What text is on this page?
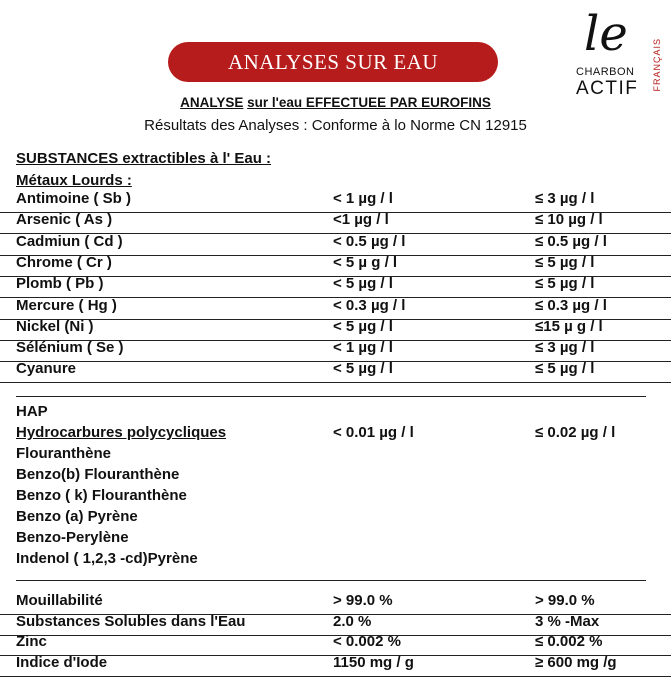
ANALYSES SUR EAU	le
CHARBON
ACTIF FRANÇAIS
ANALYSE sur l'eau EFFECTUEE PAR EUROFINS
Résultats des Analyses : Conforme à lo Norme CN 12915
SUBSTANCES extractibles à l' Eau :
Métaux Lourds :
Antimoine ( Sb )	< 1 µg / l	≤ 3 µg / l
Arsenic ( As )	<1 µg / l	≤ 10 µg / l
Cadmiun ( Cd )	< 0.5 µg / l	≤ 0.5 µg / l
Chrome ( Cr )	< 5 µ g / l	≤ 5 µg / l
Plomb ( Pb )	< 5 µg / l	≤ 5 µg / l
Mercure ( Hg )	< 0.3 µg / l	≤ 0.3 µg / l
Nickel (Ni )	< 5 µg / l	≤15 µ g / l
Sélénium ( Se )	< 1 µg / l	≤ 3 µg / l
Cyanure	< 5 µg / l	≤ 5 µg / l
HAP
Hydrocarbures polycycliques	< 0.01 µg / l	≤ 0.02 µg / l
Flouranthène
Benzo(b) Flouranthène
Benzo ( k) Flouranthène
Benzo (a) Pyrène
Benzo-Perylène
Indenol ( 1,2,3 -cd)Pyrène
Mouillabilité	> 99.0 %	> 99.0 %
Substances Solubles dans l'Eau	2.0 %	3 % -Max
Zinc	< 0.002 %	≤ 0.002 %
Indice d'Iode	1150 mg / g	≥ 600 mg /g
